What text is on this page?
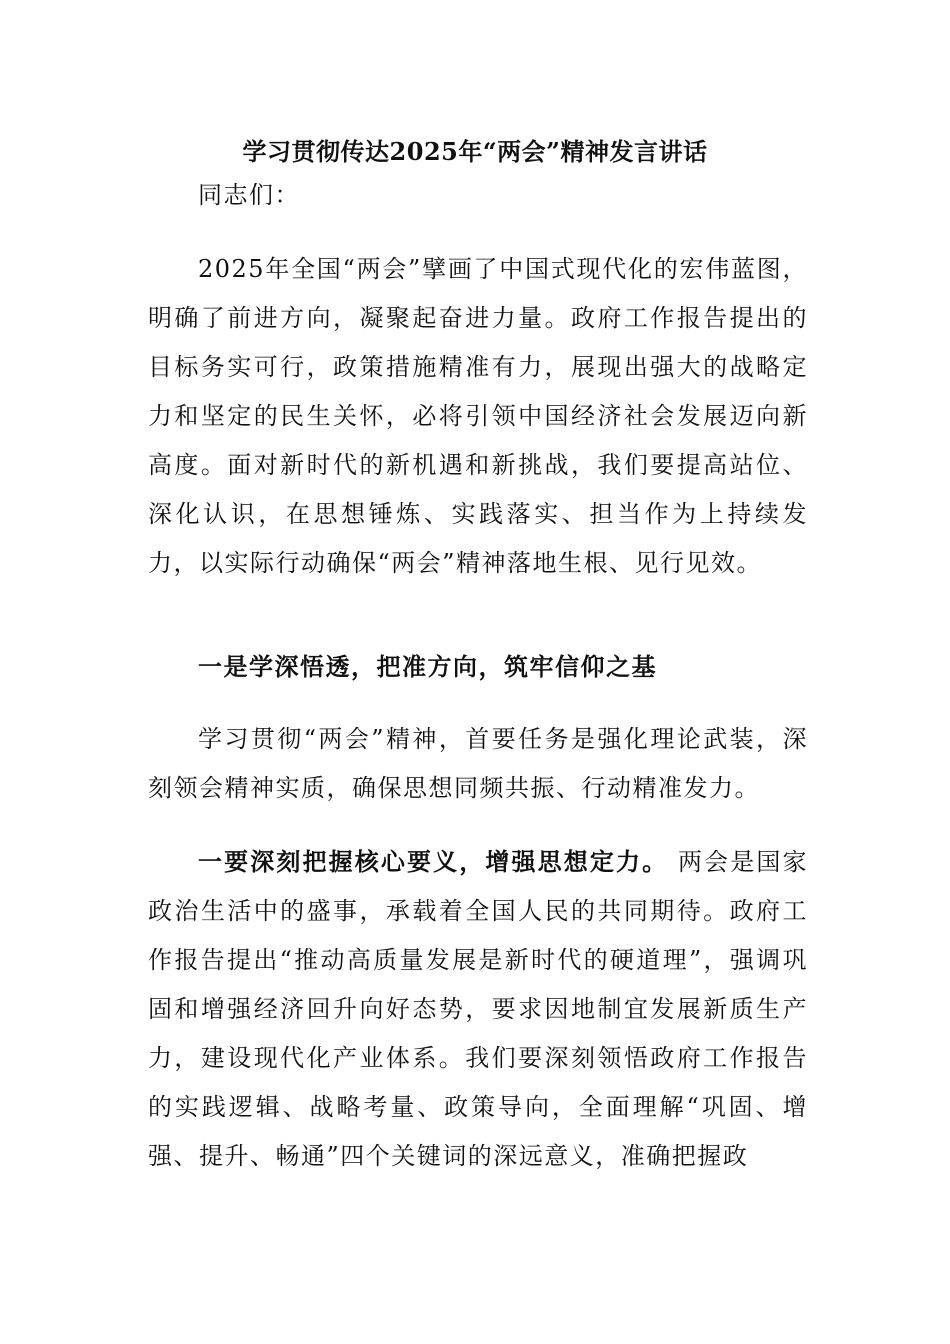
学习贯彻传达2025年“两会”精神发言讲话
同志们：
2025年全国“两会”擘画了中国式现代化的宏伟蓝图，明确了前进方向，凝聚起奋进力量。政府工作报告提出的目标务实可行，政策措施精准有力，展现出强大的战略定力和坚定的民生关怀，必将引领中国经济社会发展迈向新高度。面对新时代的新机遇和新挑战，我们要提高站位、深化认识，在思想锤炼、实践落实、担当作为上持续发力，以实际行动确保“两会”精神落地生根、见行见效。
一是学深悟透，把准方向，筑牢信仰之基
学习贯彻“两会”精神，首要任务是强化理论武装，深刻领会精神实质，确保思想同频共振、行动精准发力。
一要深刻把握核心要义，增强思想定力。 两会是国家政治生活中的盛事，承载着全国人民的共同期待。政府工作报告提出“推动高质量发展是新时代的硬道理”，强调巩固和增强经济回升向好态势，要求因地制宜发展新质生产力，建设现代化产业体系。我们要深刻领悟政府工作报告的实践逻辑、战略考量、政策导向，全面理解“巩固、增强、提升、畅通”四个关键词的深远意义，准确把握政
